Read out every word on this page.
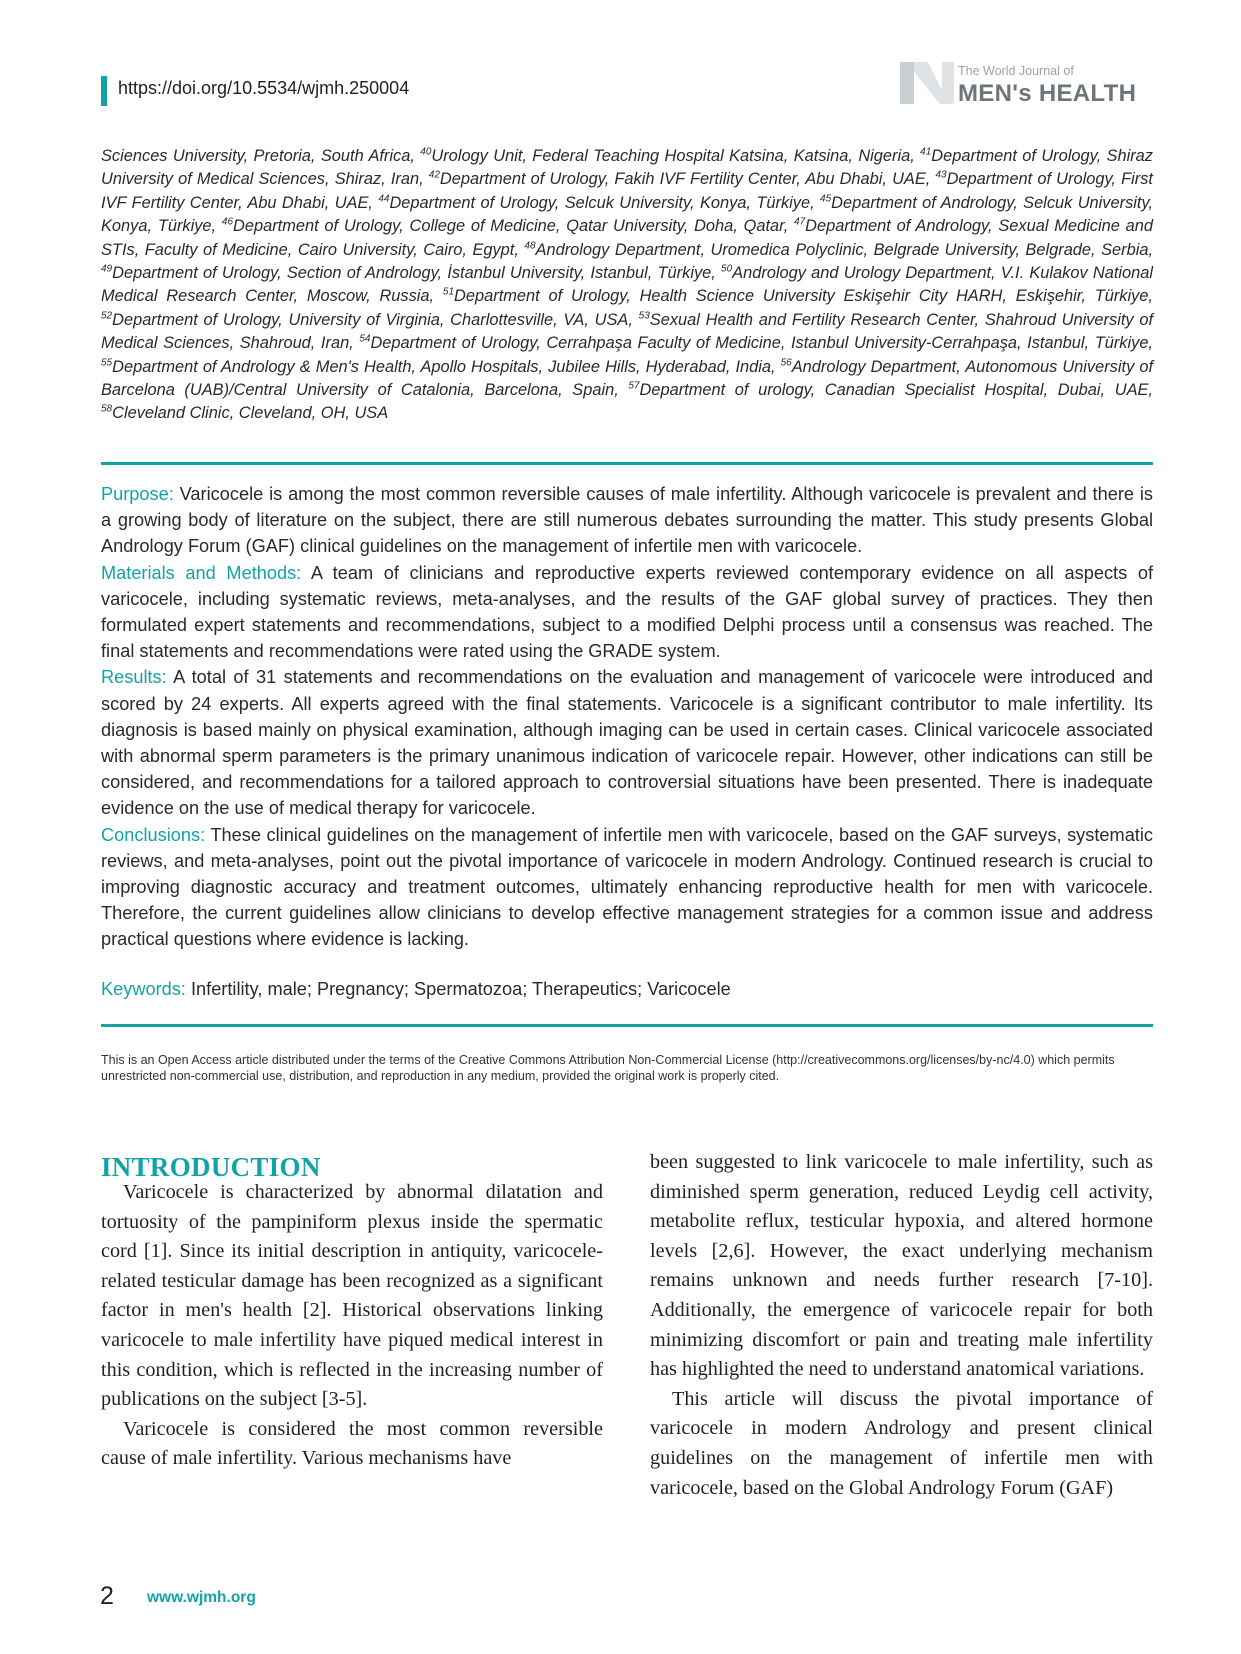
https://doi.org/10.5534/wjmh.250004
The World Journal of
MEN's HEALTH
Sciences University, Pretoria, South Africa, $^{40}$Urology Unit, Federal Teaching Hospital Katsina, Katsina, Nigeria, $^{41}$Department of Urology, Shiraz University of Medical Sciences, Shiraz, Iran, $^{42}$Department of Urology, Fakih IVF Fertility Center, Abu Dhabi, UAE, $^{43}$Department of Urology, First IVF Fertility Center, Abu Dhabi, UAE, $^{44}$Department of Urology, Selcuk University, Konya, Türkiye, $^{45}$Department of Andrology, Selcuk University, Konya, Türkiye, $^{46}$Department of Urology, College of Medicine, Qatar University, Doha, Qatar, $^{47}$Department of Andrology, Sexual Medicine and STIs, Faculty of Medicine, Cairo University, Cairo, Egypt, $^{48}$Andrology Department, Uromedica Polyclinic, Belgrade University, Belgrade, Serbia, $^{49}$Department of Urology, Section of Andrology, İstanbul University, Istanbul, Türkiye, $^{50}$Andrology and Urology Department, V.I. Kulakov National Medical Research Center, Moscow, Russia, $^{51}$Department of Urology, Health Science University Eskişehir City HARH, Eskişehir, Türkiye, $^{52}$Department of Urology, University of Virginia, Charlottesville, VA, USA, $^{53}$Sexual Health and Fertility Research Center, Shahroud University of Medical Sciences, Shahroud, Iran, $^{54}$Department of Urology, Cerrahpaşa Faculty of Medicine, Istanbul University-Cerrahpaşa, Istanbul, Türkiye, $^{55}$Department of Andrology & Men's Health, Apollo Hospitals, Jubilee Hills, Hyderabad, India, $^{56}$Andrology Department, Autonomous University of Barcelona (UAB)/Central University of Catalonia, Barcelona, Spain, $^{57}$Department of urology, Canadian Specialist Hospital, Dubai, UAE, $^{58}$Cleveland Clinic, Cleveland, OH, USA

Purpose: Varicocele is among the most common reversible causes of male infertility. Although varicocele is prevalent and there is a growing body of literature on the subject, there are still numerous debates surrounding the matter. This study presents Global Andrology Forum (GAF) clinical guidelines on the management of infertile men with varicocele.

Materials and Methods: A team of clinicians and reproductive experts reviewed contemporary evidence on all aspects of varicocele, including systematic reviews, meta-analyses, and the results of the GAF global survey of practices. They then formulated expert statements and recommendations, subject to a modified Delphi process until a consensus was reached. The final statements and recommendations were rated using the GRADE system.

Results: A total of 31 statements and recommendations on the evaluation and management of varicocele were introduced and scored by 24 experts. All experts agreed with the final statements. Varicocele is a significant contributor to male infertility. Its diagnosis is based mainly on physical examination, although imaging can be used in certain cases. Clinical varicocele associated with abnormal sperm parameters is the primary unanimous indication of varicocele repair. However, other indications can still be considered, and recommendations for a tailored approach to controversial situations have been presented. There is inadequate evidence on the use of medical therapy for varicocele.

Conclusions: These clinical guidelines on the management of infertile men with varicocele, based on the GAF surveys, systematic reviews, and meta-analyses, point out the pivotal importance of varicocele in modern Andrology. Continued research is crucial to improving diagnostic accuracy and treatment outcomes, ultimately enhancing reproductive health for men with varicocele. Therefore, the current guidelines allow clinicians to develop effective management strategies for a common issue and address practical questions where evidence is lacking.

Keywords: Infertility, male; Pregnancy; Spermatozoa; Therapeutics; Varicocele
This is an Open Access article distributed under the terms of the Creative Commons Attribution Non-Commercial License (http://creativecommons.org/licenses/by-nc/4.0) which permits unrestricted non-commercial use, distribution, and reproduction in any medium, provided the original work is properly cited.
INTRODUCTION

Varicocele is characterized by abnormal dilatation and tortuosity of the pampiniform plexus inside the spermatic cord [1]. Since its initial description in antiquity, varicocele-related testicular damage has been recognized as a significant factor in men's health [2]. Historical observations linking varicocele to male infertility have piqued medical interest in this condition, which is reflected in the increasing number of publications on the subject [3-5].

Varicocele is considered the most common reversible cause of male infertility. Various mechanisms have

been suggested to link varicocele to male infertility, such as diminished sperm generation, reduced Leydig cell activity, metabolite reflux, testicular hypoxia, and altered hormone levels [2,6]. However, the exact underlying mechanism remains unknown and needs further research [7-10]. Additionally, the emergence of varicocele repair for both minimizing discomfort or pain and treating male infertility has highlighted the need to understand anatomical variations.

This article will discuss the pivotal importance of varicocele in modern Andrology and present clinical guidelines on the management of infertile men with varicocele, based on the Global Andrology Forum (GAF)

2 www.wjmh.org
